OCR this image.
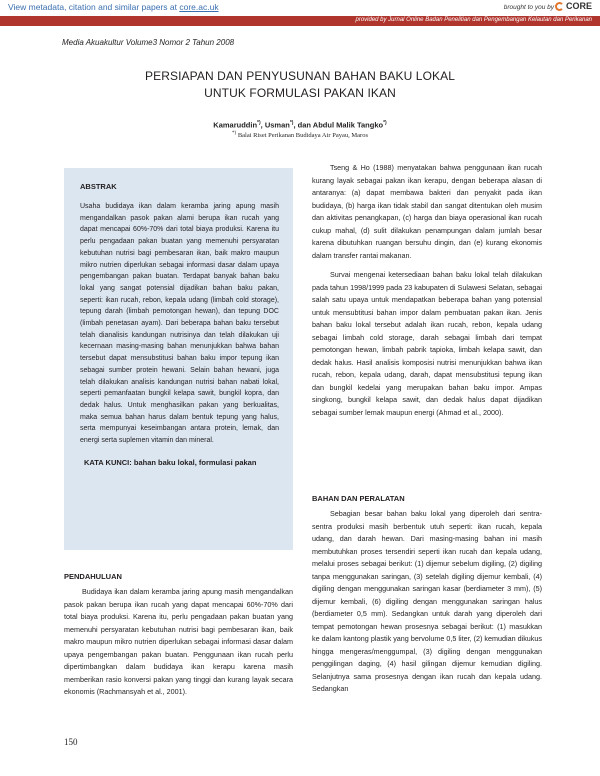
View metadata, citation and similar papers at core.ac.uk	brought to you by CORE
provided by Jurnal Online Badan Penelitian dan Pengembangan Kelautan dan Perikanan
Media Akuakultur Volume3 Nomor 2 Tahun 2008
PERSIAPAN DAN PENYUSUNAN BAHAN BAKU LOKAL
UNTUK FORMULASI PAKAN IKAN
Kamaruddin*), Usman*), dan Abdul Malik Tangko*)
*) Balai Riset Perikanan Budidaya Air Payau, Maros
ABSTRAK
Usaha budidaya ikan dalam keramba jaring apung masih mengandalkan pasok pakan alami berupa ikan rucah yang dapat mencapai 60%-70% dari total biaya produksi. Karena itu perlu pengadaan pakan buatan yang memenuhi persyaratan kebutuhan nutrisi bagi pembesaran ikan, baik makro maupun mikro nutrien diperlukan sebagai informasi dasar dalam upaya pengembangan pakan buatan. Terdapat banyak bahan baku lokal yang sangat potensial dijadikan bahan baku pakan, seperti: ikan rucah, rebon, kepala udang (limbah cold storage), tepung darah (limbah pemotongan hewan), dan tepung DOC (limbah penetasan ayam). Dari beberapa bahan baku tersebut telah dianalisis kandungan nutrisinya dan telah dilakukan uji kecernaan masing-masing bahan menunjukkan bahwa bahan tersebut dapat mensubstitusi bahan baku impor tepung ikan sebagai sumber protein hewani. Selain bahan hewani, juga telah dilakukan analisis kandungan nutrisi bahan nabati lokal, seperti pemanfaatan bungkil kelapa sawit, bungkil kopra, dan dedak halus. Untuk menghasilkan pakan yang berkualitas, maka semua bahan harus dalam bentuk tepung yang halus, serta mempunyai keseimbangan antara protein, lemak, dan energi serta suplemen vitamin dan mineral.
KATA KUNCI: bahan baku lokal, formulasi pakan
PENDAHULUAN

Budidaya ikan dalam keramba jaring apung masih mengandalkan pasok pakan berupa ikan rucah yang dapat mencapai 60%-70% dari total biaya produksi. Karena itu, perlu pengadaan pakan buatan yang memenuhi persyaratan kebutuhan nutrisi bagi pembesaran ikan, baik makro maupun mikro nutrien diperlukan sebagai informasi dasar dalam upaya pengembangan pakan buatan. Penggunaan ikan rucah perlu dipertimbangkan dalam budidaya ikan kerapu karena masih memberikan rasio konversi pakan yang tinggi dan kurang layak secara ekonomis (Rachmansyah et al., 2001).

Tseng & Ho (1988) menyatakan bahwa penggunaan ikan rucah kurang layak sebagai pakan ikan kerapu, dengan beberapa alasan di antaranya: (a) dapat membawa bakteri dan penyakit pada ikan budidaya, (b) harga ikan tidak stabil dan sangat ditentukan oleh musim dan aktivitas penangkapan, (c) harga dan biaya operasional ikan rucah cukup mahal, (d) sulit dilakukan penampungan dalam jumlah besar karena dibutuhkan ruangan bersuhu dingin, dan (e) kurang ekonomis dalam transfer rantai makanan.

Survai mengenai ketersediaan bahan baku lokal telah dilakukan pada tahun 1998/1999 pada 23 kabupaten di Sulawesi Selatan, sebagai salah satu upaya untuk mendapatkan beberapa bahan yang potensial untuk mensubtitusi bahan impor dalam pembuatan pakan ikan. Jenis bahan baku lokal tersebut adalah ikan rucah, rebon, kepala udang sebagai limbah cold storage, darah sebagai limbah dari tempat pemotongan hewan, limbah pabrik tapioka, limbah kelapa sawit, dan dedak halus. Hasil analisis komposisi nutrisi menunjukkan bahwa ikan rucah, rebon, kepala udang, darah, dapat mensubstitusi tepung ikan dan bungkil kedelai yang merupakan bahan baku impor. Ampas singkong, bungkil kelapa sawit, dan dedak halus dapat dijadikan sebagai sumber lemak maupun energi (Ahmad et al., 2000).

BAHAN DAN PERALATAN

Sebagian besar bahan baku lokal yang diperoleh dari sentra-sentra produksi masih berbentuk utuh seperti: ikan rucah, kepala udang, dan darah hewan. Dari masing-masing bahan ini masih membutuhkan proses tersendiri seperti ikan rucah dan kepala udang, melalui proses sebagai berikut: (1) dijemur sebelum digiling, (2) digiling tanpa menggunakan saringan, (3) setelah digiling dijemur kembali, (4) digiling dengan menggunakan saringan kasar (berdiameter 3 mm), (5) dijemur kembali, (6) digiling dengan menggunakan saringan halus (berdiameter 0,5 mm). Sedangkan untuk darah yang diperoleh dari tempat pemotongan hewan prosesnya sebagai berikut: (1) masukkan ke dalam kantong plastik yang bervolume 0,5 liter, (2) kemudian dikukus hingga mengeras/menggumpal, (3) digiling dengan menggunakan penggilingan daging, (4) hasil gilingan dijemur kemudian digiling. Selanjutnya sama prosesnya dengan ikan rucah dan kepala udang. Sedangkan

150
